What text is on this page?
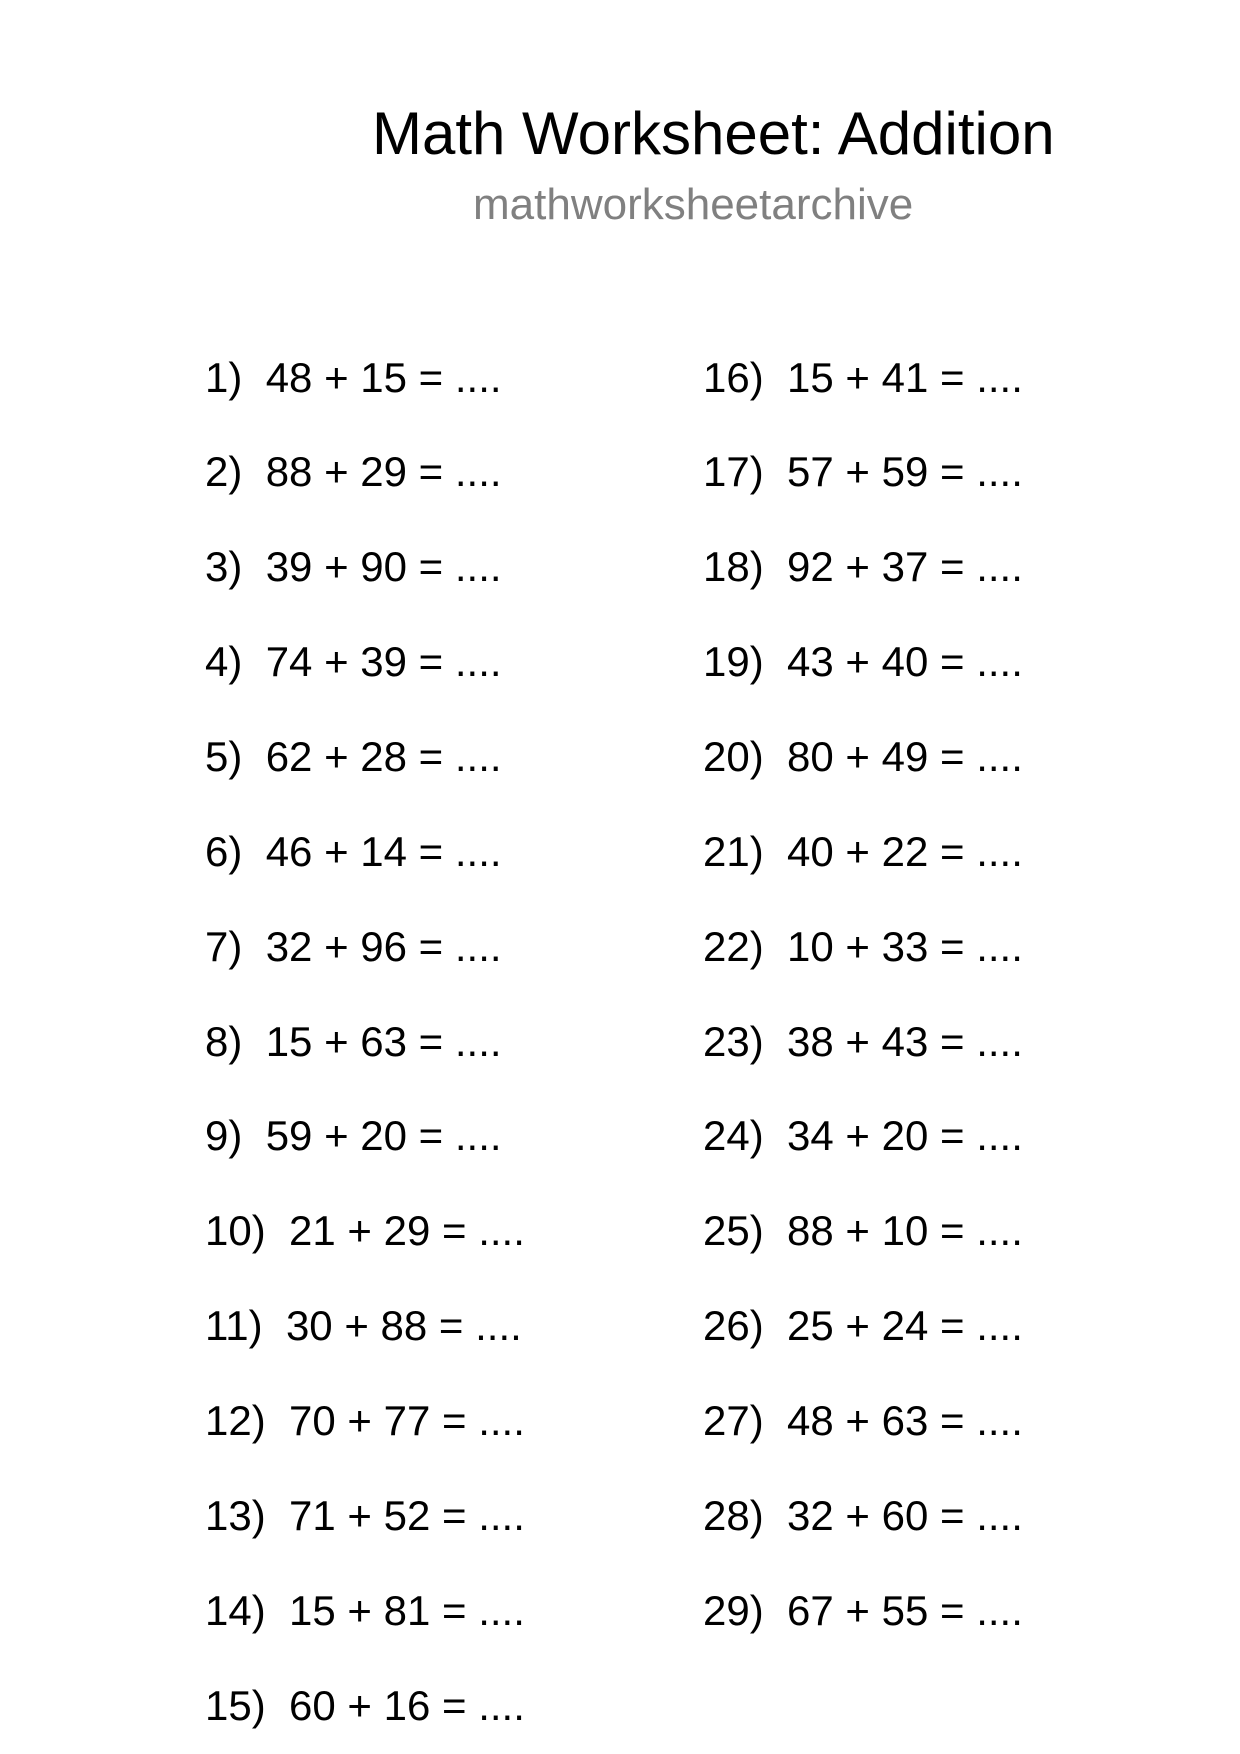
Math Worksheet: Addition
mathworksheetarchive
1) 48 + 15 = ....
2) 88 + 29 = ....
3) 39 + 90 = ....
4) 74 + 39 = ....
5) 62 + 28 = ....
6) 46 + 14 = ....
7) 32 + 96 = ....
8) 15 + 63 = ....
9) 59 + 20 = ....
10) 21 + 29 = ....
11) 30 + 88 = ....
12) 70 + 77 = ....
13) 71 + 52 = ....
14) 15 + 81 = ....
15) 60 + 16 = ....
16) 15 + 41 = ....
17) 57 + 59 = ....
18) 92 + 37 = ....
19) 43 + 40 = ....
20) 80 + 49 = ....
21) 40 + 22 = ....
22) 10 + 33 = ....
23) 38 + 43 = ....
24) 34 + 20 = ....
25) 88 + 10 = ....
26) 25 + 24 = ....
27) 48 + 63 = ....
28) 32 + 60 = ....
29) 67 + 55 = ....
